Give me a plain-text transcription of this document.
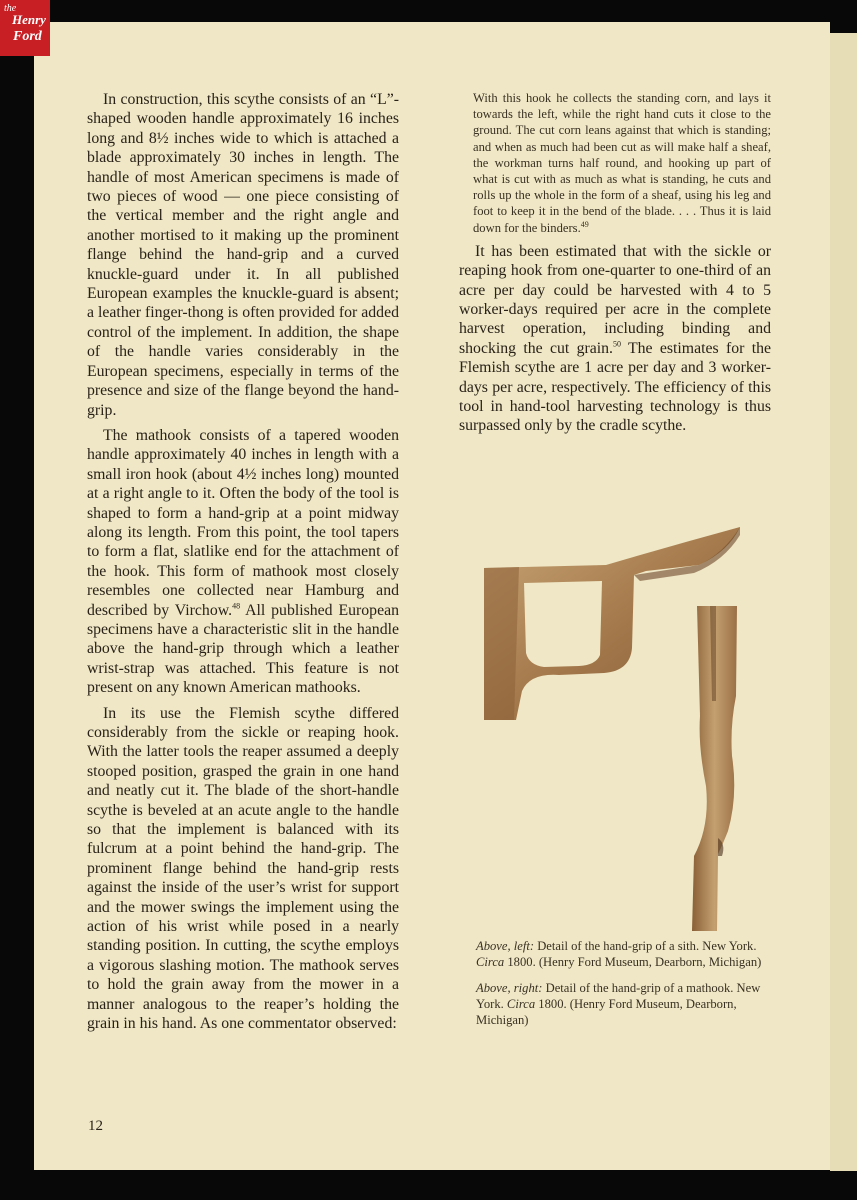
the
Henry
Ford

In construction, this scythe consists of an “L”-shaped wooden handle approximately 16 inches long and 8½ inches wide to which is attached a blade approximately 30 inches in length. The handle of most American specimens is made of two pieces of wood — one piece consisting of the vertical member and the right angle and another mortised to it making up the prominent flange behind the hand-grip and a curved knuckle-guard under it. In all published European examples the knuckle-guard is absent; a leather finger-thong is often provided for added control of the implement. In addition, the shape of the handle varies considerably in the European specimens, especially in terms of the presence and size of the flange beyond the hand-grip.

The mathook consists of a tapered wooden handle approximately 40 inches in length with a small iron hook (about 4½ inches long) mounted at a right angle to it. Often the body of the tool is shaped to form a hand-grip at a point midway along its length. From this point, the tool tapers to form a flat, slatlike end for the attachment of the hook. This form of mathook most closely resembles one collected near Hamburg and described by Virchow.$^{48}$ All published European specimens have a characteristic slit in the handle above the hand-grip through which a leather wrist-strap was attached. This feature is not present on any known American mathooks.

In its use the Flemish scythe differed considerably from the sickle or reaping hook. With the latter tools the reaper assumed a deeply stooped position, grasped the grain in one hand and neatly cut it. The blade of the short-handle scythe is beveled at an acute angle to the handle so that the implement is balanced with its fulcrum at a point behind the hand-grip. The prominent flange behind the hand-grip rests against the inside of the user’s wrist for support and the mower swings the implement using the action of his wrist while posed in a nearly standing position. In cutting, the scythe employs a vigorous slashing motion. The mathook serves to hold the grain away from the mower in a manner analogous to the reaper’s holding the grain in his hand. As one commentator observed:

With this hook he collects the standing corn, and lays it towards the left, while the right hand cuts it close to the ground. The cut corn leans against that which is standing; and when as much had been cut as will make half a sheaf, the workman turns half round, and hooking up part of what is cut with as much as what is standing, he cuts and rolls up the whole in the form of a sheaf, using his leg and foot to keep it in the bend of the blade. . . . Thus it is laid down for the binders.$^{49}$

It has been estimated that with the sickle or reaping hook from one-quarter to one-third of an acre per day could be harvested with 4 to 5 worker-days required per acre in the complete harvest operation, including binding and shocking the cut grain.$^{50}$ The estimates for the Flemish scythe are 1 acre per day and 3 worker-days per acre, respectively. The efficiency of this tool in hand-tool harvesting technology is thus surpassed only by the cradle scythe.

Above, left: Detail of the hand-grip of a sith. New York. Circa 1800. (Henry Ford Museum, Dearborn, Michigan)

Above, right: Detail of the hand-grip of a mathook. New York. Circa 1800. (Henry Ford Museum, Dearborn, Michigan)

12
